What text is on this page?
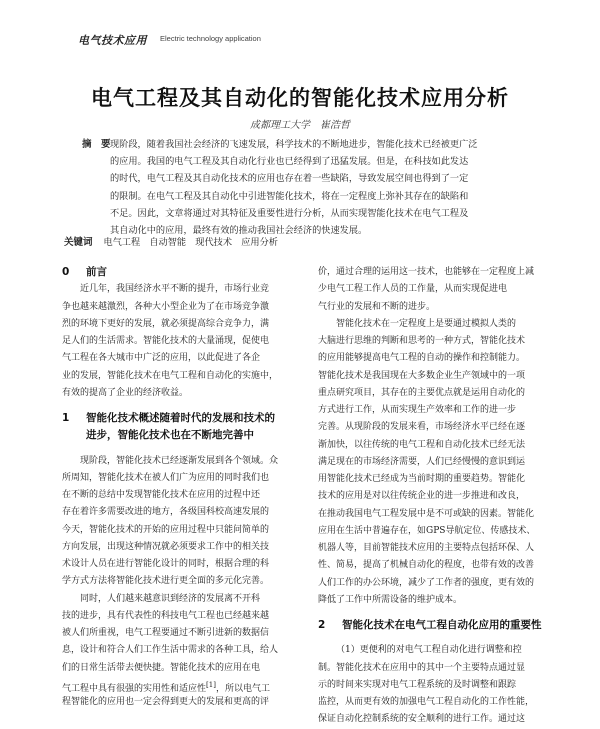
电气技术应用 Electric technology application
电气工程及其自动化的智能化技术应用分析
成都理工大学　崔浩哲
摘　要 现阶段，随着我国社会经济的飞速发展，科学技术的不断地进步，智能化技术已经被更广泛
的应用。我国的电气工程及其自动化行业也已经得到了迅猛发展。但是，在科技如此发达
的时代，电气工程及其自动化技术的应用也存在着一些缺陷，导致发展空间也得到了一定
的限制。在电气工程及其自动化中引进智能化技术，将在一定程度上弥补其存在的缺陷和
不足。因此，文章将通过对其特征及重要性进行分析，从而实现智能化技术在电气工程及
其自动化中的应用，最终有效的推动我国社会经济的快速发展。
关键词 电气工程　自动智能　现代技术　应用分析
0 前言
近几年，我国经济水平不断的提升，市场行业竞
争也越来越激烈，各种大小型企业为了在市场竞争激
烈的环境下更好的发展，就必须提高综合竞争力，满
足人们的生活需求。智能化技术的大量涌现，促使电
气工程在各大城市中广泛的应用，以此促进了各企
业的发展，智能化技术在电气工程和自动化的实施中，
有效的提高了企业的经济收益。
1 智能化技术概述随着时代的发展和技术的
进步，智能化技术也在不断地完善中
现阶段，智能化技术已经逐渐发展到各个领域。众
所周知，智能化技术在被人们广为应用的同时我们也
在不断的总结中发现智能化技术在应用的过程中还
存在着许多需要改进的地方，各级国科校高速发展的
今天，智能化技术的开始的应用过程中只能问简单的
方向发展，出现这种情况就必须要求工作中的相关技
术设计人员在进行智能化设计的同时，根据合理的科
学方式方法将智能化技术进行更全面的多元化完善。
同时，人们越来越意识到经济的发展离不开科
技的进步，具有代表性的科技电气工程也已经越来越
被人们所重视，电气工程要通过不断引进新的数据信
息，设计和符合人们工作生活中需求的各种工具，给人
们的日常生活带去便快捷。智能化技术的应用在电
气工程中具有很强的实用性和适应性[1]，所以电气工
程智能化的应用也一定会得到更大的发展和更高的评
价，通过合理的运用这一技术，也能够在一定程度上减
少电气工程工作人员的工作量，从而实现促进电
气行业的发展和不断的进步。
智能化技术在一定程度上是要通过模拟人类的
大脑进行思维的判断和思考的一种方式，智能化技术
的应用能够提高电气工程的自动的操作和控制能力。
智能化技术是我国现在大多数企业生产领域中的一项
重点研究项目，其存在的主要优点就是运用自动化的
方式进行工作，从而实现生产效率和工作的进一步
完善。从现阶段的发展来看，市场经济水平已经在逐
渐加快，以往传统的电气工程和自动化技术已经无法
满足现在的市场经济需要，人们已经慢慢的意识到运
用智能化技术已经成为当前时期的重要趋势。智能化
技术的应用是对以往传统企业的进一步推进和改良，
在推动我国电气工程发展中是不可或缺的因素。智能化
应用在生活中普遍存在，如GPS导航定位、传感技术、
机器人等，目前智能技术应用的主要特点包括环保、人
性、简易，提高了机械自动化的程度，也带有效的改善
人们工作的办公环境，减少了工作者的强度，更有效的
降低了工作中所需设备的维护成本。
2 智能化技术在电气工程自动化应用的重要性
（1）更便利的对电气工程自动化进行调整和控
制。智能化技术在应用中的其中一个主要特点通过显
示的时间来实现对电气工程系统的及时调整和跟踪
监控，从而更有效的加强电气工程自动化的工作性能，
保证自动化控制系统的安全顺利的进行工作。通过这
